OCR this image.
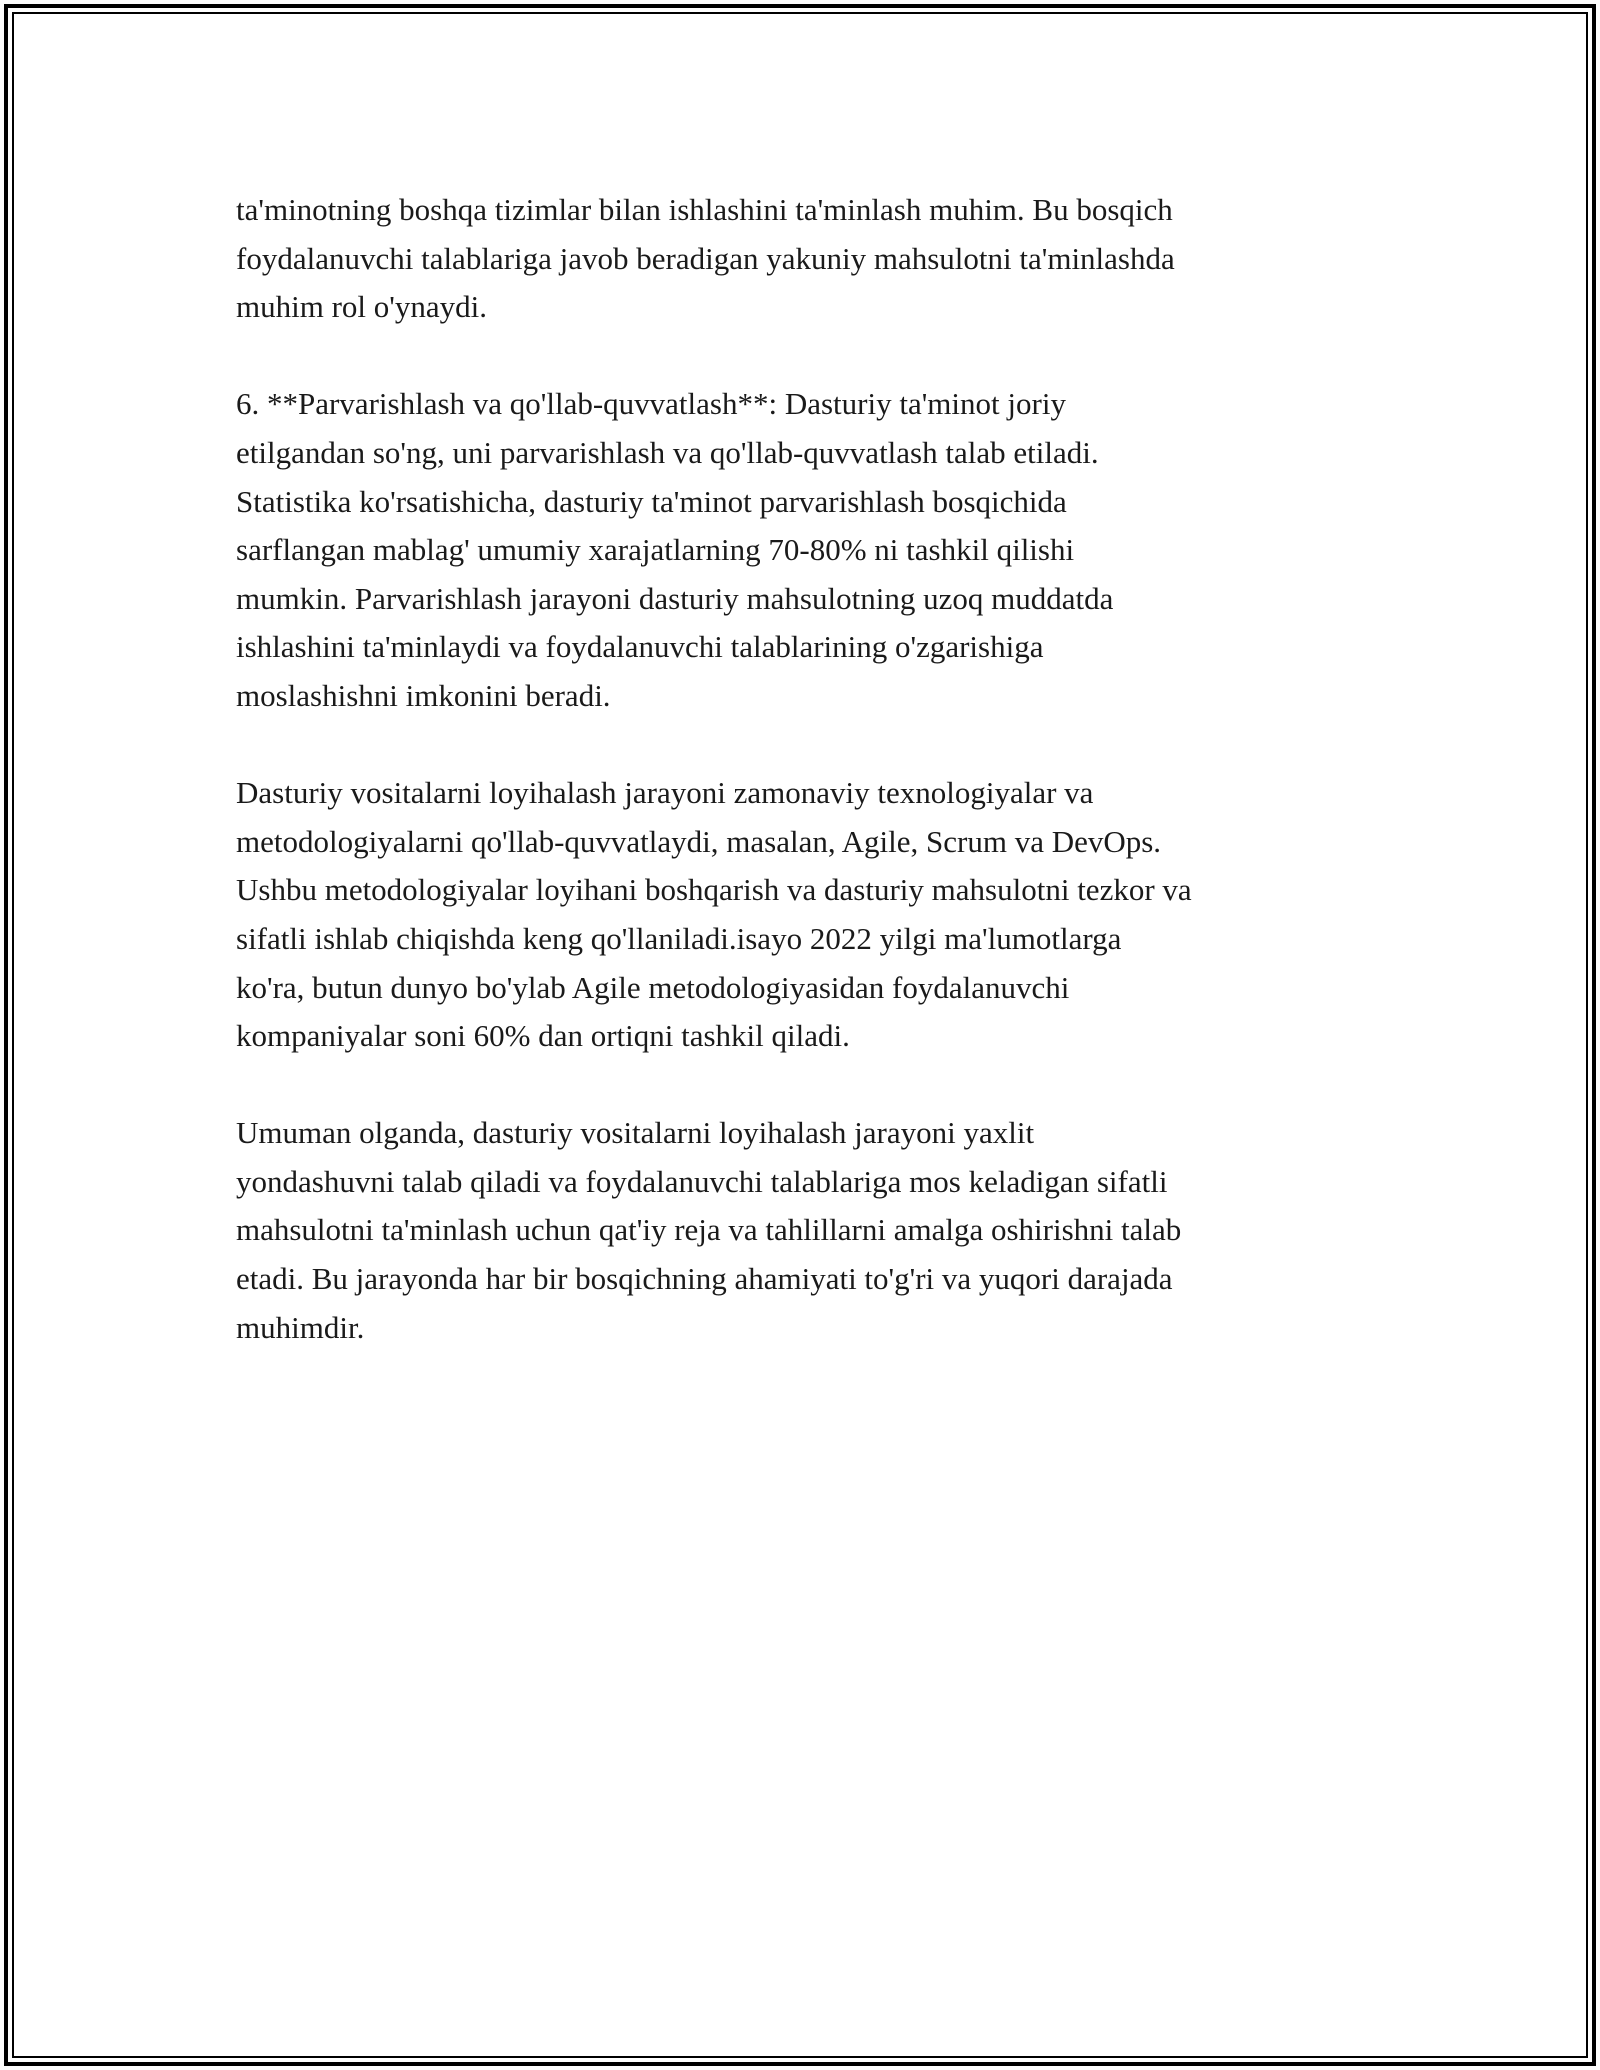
ta'minotning boshqa tizimlar bilan ishlashini ta'minlash muhim. Bu bosqich
foydalanuvchi talablariga javob beradigan yakuniy mahsulotni ta'minlashda
muhim rol o'ynaydi.

6. **Parvarishlash va qo'llab-quvvatlash**: Dasturiy ta'minot joriy
etilgandan so'ng, uni parvarishlash va qo'llab-quvvatlash talab etiladi.
Statistika ko'rsatishicha, dasturiy ta'minot parvarishlash bosqichida
sarflangan mablag' umumiy xarajatlarning 70-80% ni tashkil qilishi
mumkin. Parvarishlash jarayoni dasturiy mahsulotning uzoq muddatda
ishlashini ta'minlaydi va foydalanuvchi talablarining o'zgarishiga
moslashishni imkonini beradi.

Dasturiy vositalarni loyihalash jarayoni zamonaviy texnologiyalar va
metodologiyalarni qo'llab-quvvatlaydi, masalan, Agile, Scrum va DevOps.
Ushbu metodologiyalar loyihani boshqarish va dasturiy mahsulotni tezkor va
sifatli ishlab chiqishda keng qo'llaniladi.isayo 2022 yilgi ma'lumotlarga
ko'ra, butun dunyo bo'ylab Agile metodologiyasidan foydalanuvchi
kompaniyalar soni 60% dan ortiqni tashkil qiladi.

Umuman olganda, dasturiy vositalarni loyihalash jarayoni yaxlit
yondashuvni talab qiladi va foydalanuvchi talablariga mos keladigan sifatli
mahsulotni ta'minlash uchun qat'iy reja va tahlillarni amalga oshirishni talab
etadi. Bu jarayonda har bir bosqichning ahamiyati to'g'ri va yuqori darajada
muhimdir.
